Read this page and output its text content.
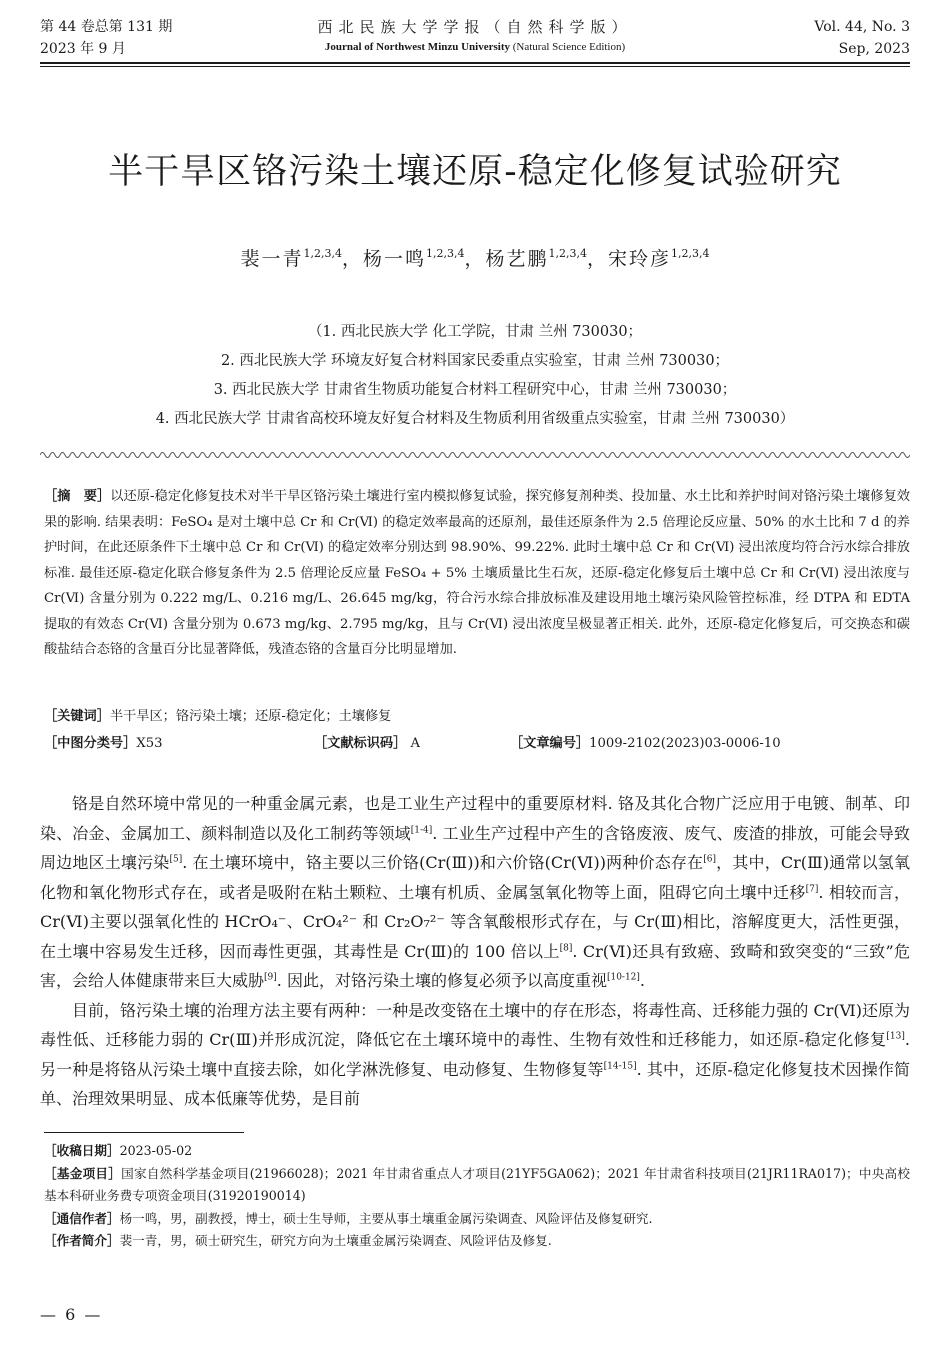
第 44 卷总第 131 期
2023 年 9 月
西北民族大学学报（自然科学版）
Journal of Northwest Minzu University (Natural Science Edition)
Vol. 44, No. 3
Sep, 2023
半干旱区铬污染土壤还原-稳定化修复试验研究
裴一青$^{1,2,3,4}$，杨一鸣$^{1,2,3,4}$，杨艺鹏$^{1,2,3,4}$，宋玲彦$^{1,2,3,4}$
（1. 西北民族大学 化工学院，甘肃 兰州 730030；
2. 西北民族大学 环境友好复合材料国家民委重点实验室，甘肃 兰州 730030；
3. 西北民族大学 甘肃省生物质功能复合材料工程研究中心，甘肃 兰州 730030；
4. 西北民族大学 甘肃省高校环境友好复合材料及生物质利用省级重点实验室，甘肃 兰州 730030）
［摘　要］以还原-稳定化修复技术对半干旱区铬污染土壤进行室内模拟修复试验，探究修复剂种类、投加量、水土比和养护时间对铬污染土壤修复效果的影响. 结果表明：FeSO₄ 是对土壤中总 Cr 和 Cr(Ⅵ) 的稳定效率最高的还原剂，最佳还原条件为 2.5 倍理论反应量、50% 的水土比和 7 d 的养护时间，在此还原条件下土壤中总 Cr 和 Cr(Ⅵ) 的稳定效率分别达到 98.90%、99.22%. 此时土壤中总 Cr 和 Cr(Ⅵ) 浸出浓度均符合污水综合排放标准. 最佳还原-稳定化联合修复条件为 2.5 倍理论反应量 FeSO₄ + 5% 土壤质量比生石灰，还原-稳定化修复后土壤中总 Cr 和 Cr(Ⅵ) 浸出浓度与 Cr(Ⅵ) 含量分别为 0.222 mg/L、0.216 mg/L、26.645 mg/kg，符合污水综合排放标准及建设用地土壤污染风险管控标准，经 DTPA 和 EDTA 提取的有效态 Cr(Ⅵ) 含量分别为 0.673 mg/kg、2.795 mg/kg，且与 Cr(Ⅵ) 浸出浓度呈极显著正相关. 此外，还原-稳定化修复后，可交换态和碳酸盐结合态铬的含量百分比显著降低，残渣态铬的含量百分比明显增加.
［关键词］半干旱区；铬污染土壤；还原-稳定化；土壤修复
［中图分类号］X53	［文献标识码］ A	［文章编号］1009-2102(2023)03-0006-10

铬是自然环境中常见的一种重金属元素，也是工业生产过程中的重要原材料. 铬及其化合物广泛应用于电镀、制革、印染、冶金、金属加工、颜料制造以及化工制药等领域[1-4]. 工业生产过程中产生的含铬废液、废气、废渣的排放，可能会导致周边地区土壤污染[5]. 在土壤环境中，铬主要以三价铬(Cr(Ⅲ))和六价铬(Cr(Ⅵ))两种价态存在[6]，其中，Cr(Ⅲ)通常以氢氧化物和氧化物形式存在，或者是吸附在粘土颗粒、土壤有机质、金属氢氧化物等上面，阻碍它向土壤中迁移[7]. 相较而言，Cr(Ⅵ)主要以强氧化性的 HCrO₄⁻、CrO₄²⁻ 和 Cr₂O₇²⁻ 等含氧酸根形式存在，与 Cr(Ⅲ)相比，溶解度更大，活性更强，在土壤中容易发生迁移，因而毒性更强，其毒性是 Cr(Ⅲ)的 100 倍以上[8]. Cr(Ⅵ)还具有致癌、致畸和致突变的“三致”危害，会给人体健康带来巨大威胁[9]. 因此，对铬污染土壤的修复必须予以高度重视[10-12].

目前，铬污染土壤的治理方法主要有两种：一种是改变铬在土壤中的存在形态，将毒性高、迁移能力强的 Cr(Ⅵ)还原为毒性低、迁移能力弱的 Cr(Ⅲ)并形成沉淀，降低它在土壤环境中的毒性、生物有效性和迁移能力，如还原-稳定化修复[13]. 另一种是将铬从污染土壤中直接去除，如化学淋洗修复、电动修复、生物修复等[14-15]. 其中，还原-稳定化修复技术因操作简单、治理效果明显、成本低廉等优势，是目前

［收稿日期］2023-05-02
［基金项目］国家自然科学基金项目(21966028)；2021 年甘肃省重点人才项目(21YF5GA062)；2021 年甘肃省科技项目(21JR11RA017)；中央高校基本科研业务费专项资金项目(31920190014)
［通信作者］杨一鸣，男，副教授，博士，硕士生导师，主要从事土壤重金属污染调查、风险评估及修复研究.
［作者简介］裴一青，男，硕士研究生，研究方向为土壤重金属污染调查、风险评估及修复.
— 6 —
